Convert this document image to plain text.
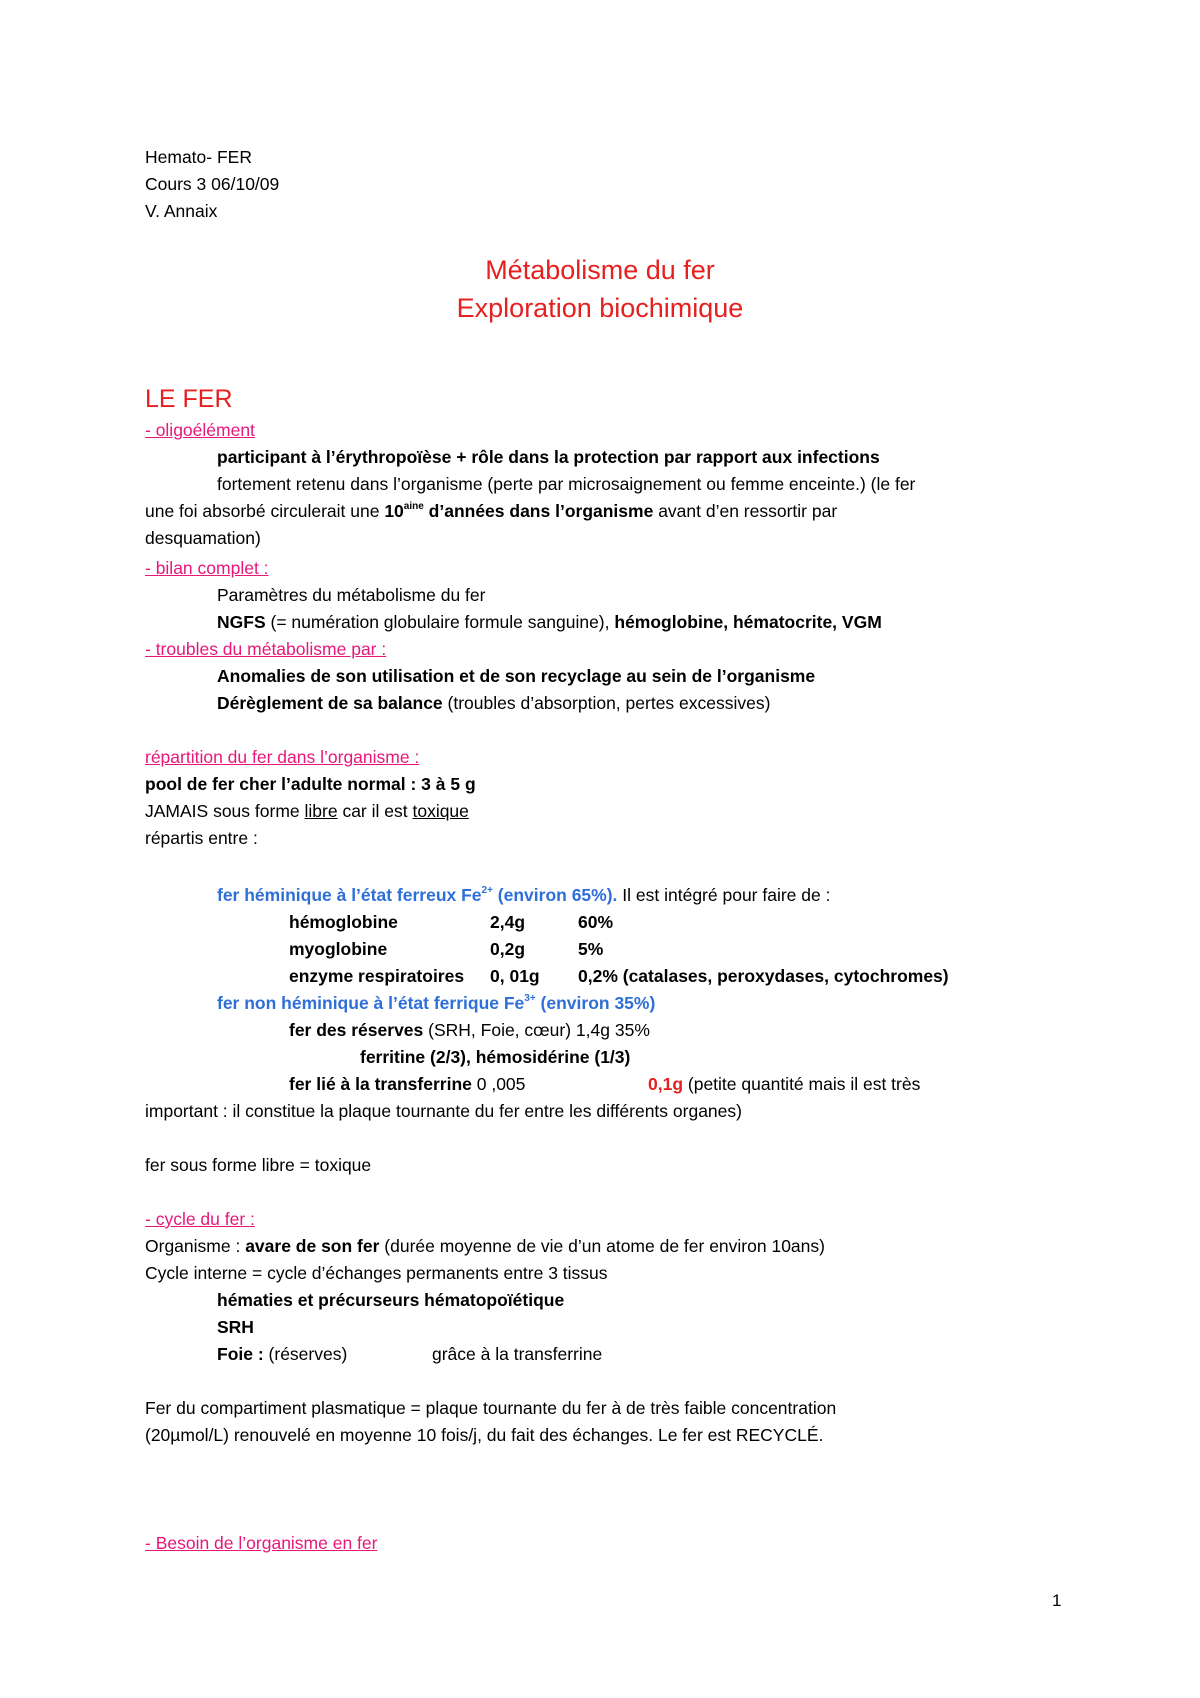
Hemato- FER
Cours 3 06/10/09
V. Annaix
Métabolisme du fer
Exploration biochimique
LE FER
- oligoélément
participant à l’érythropoïèse + rôle dans la protection par rapport aux infections
fortement retenu dans l’organisme (perte par microsaignement ou femme enceinte.) (le fer
une foi absorbé circulerait une $10^{aine}$ d’années dans l’organisme avant d’en ressortir par
desquamation)
- bilan complet :
Paramètres du métabolisme du fer
NGFS (= numération globulaire formule sanguine), hémoglobine, hématocrite, VGM
- troubles du métabolisme par :
Anomalies de son utilisation et de son recyclage au sein de l’organisme
Dérèglement de sa balance (troubles d’absorption, pertes excessives)
répartition du fer dans l’organisme :
pool de fer cher l’adulte normal : 3 à 5 g
JAMAIS sous forme libre car il est toxique
répartis entre :
fer héminique à l’état ferreux $Fe^{2+}$ (environ 65%). Il est intégré pour faire de :
hémoglobine	2,4g	60%
myoglobine	0,2g	5%
enzyme respiratoires 0, 01g 0,2% (catalases, peroxydases, cytochromes)
fer non héminique à l’état ferrique $Fe^{3+}$ (environ 35%)
fer des réserves (SRH, Foie, cœur) 1,4g 35%
ferritine (2/3), hémosidérine (1/3)
fer lié à la transferrine 0 ,005	0,1g (petite quantité mais il est très
important : il constitue la plaque tournante du fer entre les différents organes)
fer sous forme libre = toxique
- cycle du fer :
Organisme : avare de son fer (durée moyenne de vie d’un atome de fer environ 10ans)
Cycle interne = cycle d’échanges permanents entre 3 tissus
hématies et précurseurs hématopoïétique
SRH
Foie : (réserves)	grâce à la transferrine
Fer du compartiment plasmatique = plaque tournante du fer à de très faible concentration
(20µmol/L) renouvelé en moyenne 10 fois/j, du fait des échanges. Le fer est RECYCLÉ.
- Besoin de l’organisme en fer
1
